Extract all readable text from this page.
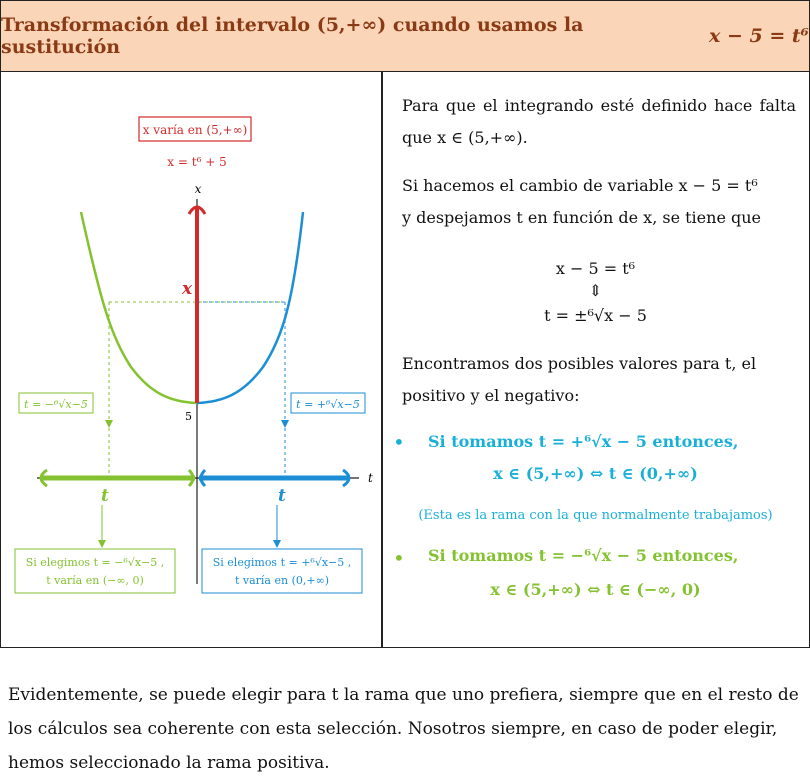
Transformación del intervalo (5,+∞) cuando usamos la sustitución	x − 5 = t⁶
x varía en (5,+∞)
x = t⁶ + 5
x
t
x
5
t	t
t = −⁶√x−5	t = +⁶√x−5
Si elegimos t = −⁶√x−5 ,
t varía en (−∞, 0)
Si elegimos t = +⁶√x−5 ,
t varía en (0,+∞)
Para que el integrando esté definido hace falta que x ∈ (5,+∞).
Si hacemos el cambio de variable x − 5 = t⁶
y despejamos t en función de x, se tiene que
x − 5 = t⁶
⇕
t = ±⁶√x − 5
Encontramos dos posibles valores para t, el
positivo y el negativo:
• Si tomamos t = +⁶√x − 5 entonces,
x ∈ (5,+∞) ⇔ t ∈ (0,+∞)
(Esta es la rama con la que normalmente trabajamos)
• Si tomamos t = −⁶√x − 5 entonces,
x ∈ (5,+∞) ⇔ t ∈ (−∞, 0)
Evidentemente, se puede elegir para t la rama que uno prefiera, siempre que en el resto de
los cálculos sea coherente con esta selección. Nosotros siempre, en caso de poder elegir,
hemos seleccionado la rama positiva.
